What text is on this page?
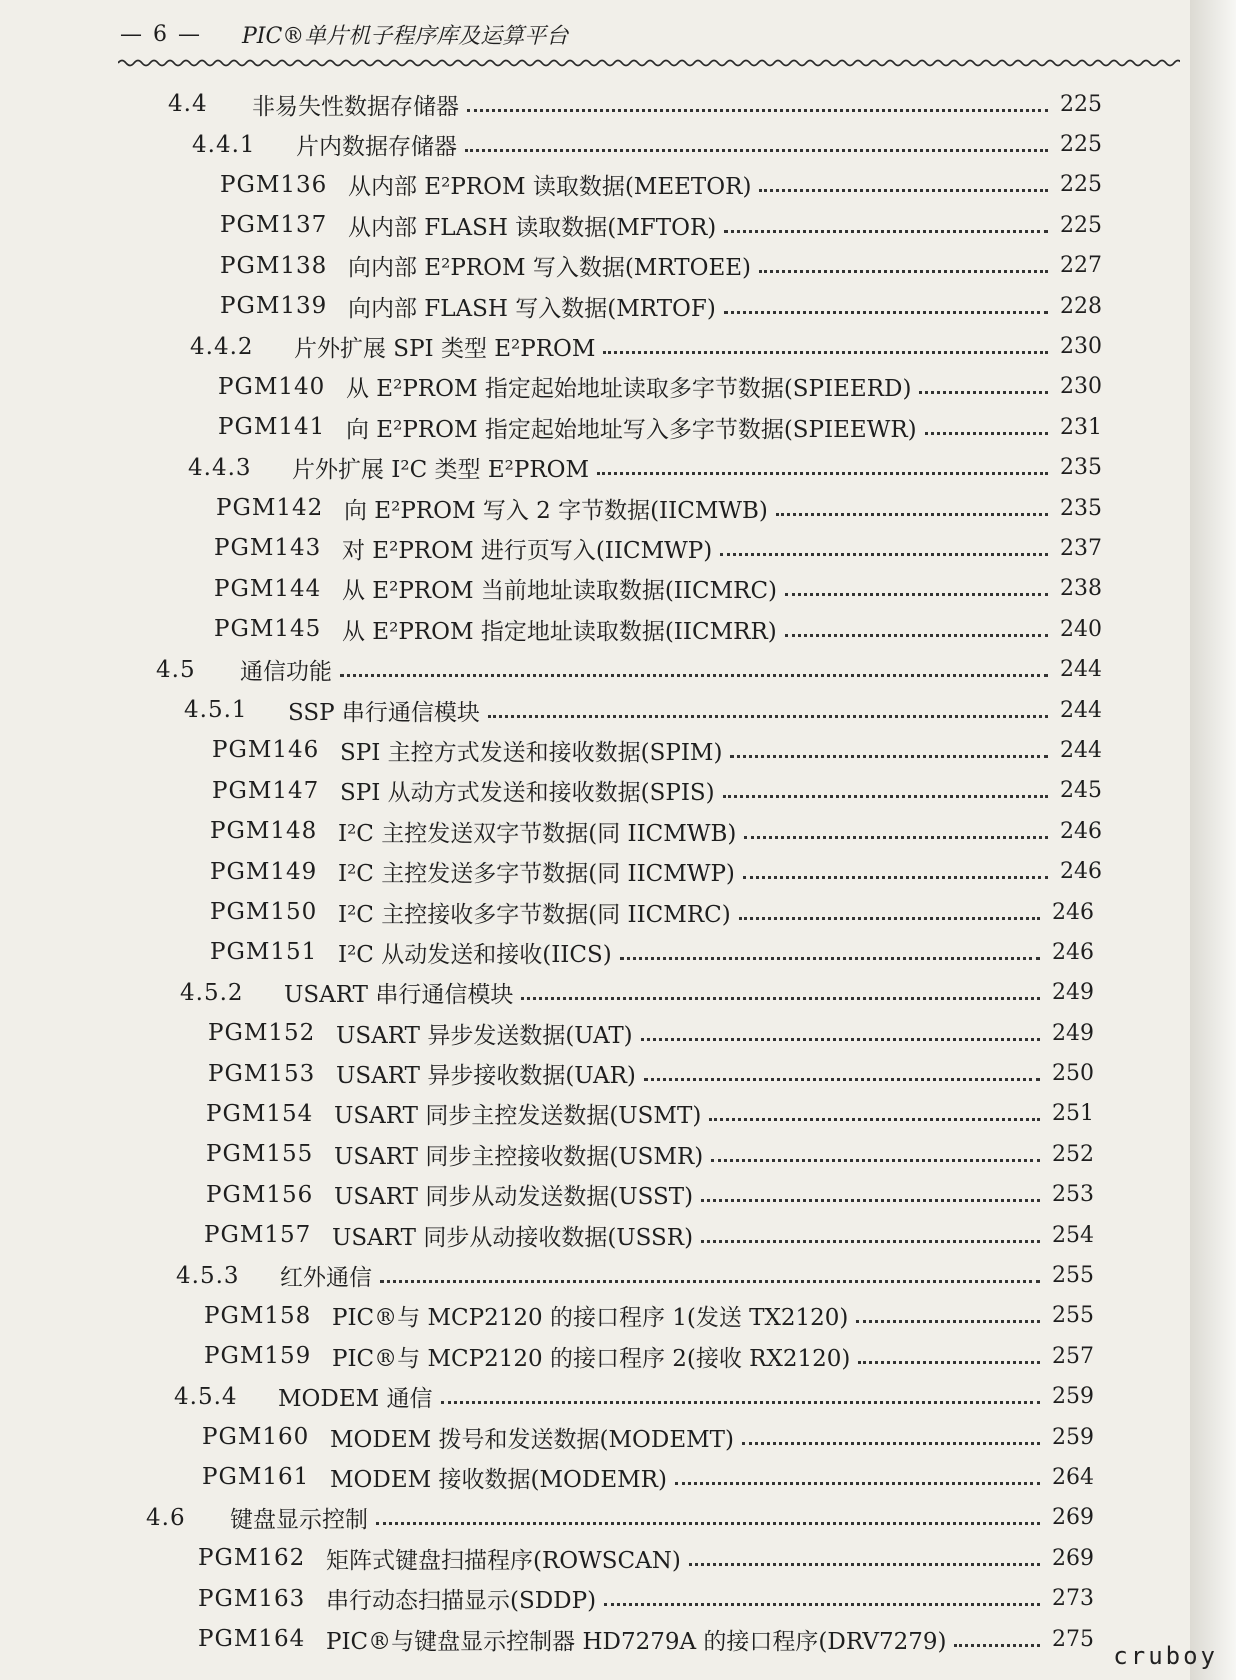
— 6 — PIC®单片机子程序库及运算平台
4.4	非易失性数据存储器	225
4.4.1	片内数据存储器	225
PGM136 从内部 E²PROM 读取数据(MEETOR)	225
PGM137 从内部 FLASH 读取数据(MFTOR)	225
PGM138 向内部 E²PROM 写入数据(MRTOEE)	227
PGM139 向内部 FLASH 写入数据(MRTOF)	228
4.4.2	片外扩展 SPI 类型 E²PROM	230
PGM140 从 E²PROM 指定起始地址读取多字节数据(SPIEERD)	230
PGM141 向 E²PROM 指定起始地址写入多字节数据(SPIEEWR)	231
4.4.3	片外扩展 I²C 类型 E²PROM	235
PGM142 向 E²PROM 写入 2 字节数据(IICMWB)	235
PGM143 对 E²PROM 进行页写入(IICMWP)	237
PGM144 从 E²PROM 当前地址读取数据(IICMRC)	238
PGM145 从 E²PROM 指定地址读取数据(IICMRR)	240
4.5	通信功能	244
4.5.1	SSP 串行通信模块	244
PGM146 SPI 主控方式发送和接收数据(SPIM)	244
PGM147 SPI 从动方式发送和接收数据(SPIS)	245
PGM148 I²C 主控发送双字节数据(同 IICMWB)	246
PGM149 I²C 主控发送多字节数据(同 IICMWP)	246
PGM150 I²C 主控接收多字节数据(同 IICMRC)	246
PGM151 I²C 从动发送和接收(IICS)	246
4.5.2	USART 串行通信模块	249
PGM152 USART 异步发送数据(UAT)	249
PGM153 USART 异步接收数据(UAR)	250
PGM154 USART 同步主控发送数据(USMT)	251
PGM155 USART 同步主控接收数据(USMR)	252
PGM156 USART 同步从动发送数据(USST)	253
PGM157 USART 同步从动接收数据(USSR)	254
4.5.3	红外通信	255
PGM158 PIC®与 MCP2120 的接口程序 1(发送 TX2120)	255
PGM159 PIC®与 MCP2120 的接口程序 2(接收 RX2120)	257
4.5.4	MODEM 通信	259
PGM160 MODEM 拨号和发送数据(MODEMT)	259
PGM161 MODEM 接收数据(MODEMR)	264
4.6	键盘显示控制	269
PGM162 矩阵式键盘扫描程序(ROWSCAN)	269
PGM163 串行动态扫描显示(SDDP)	273
PGM164 PIC®与键盘显示控制器 HD7279A 的接口程序(DRV7279)	275
cruboy
